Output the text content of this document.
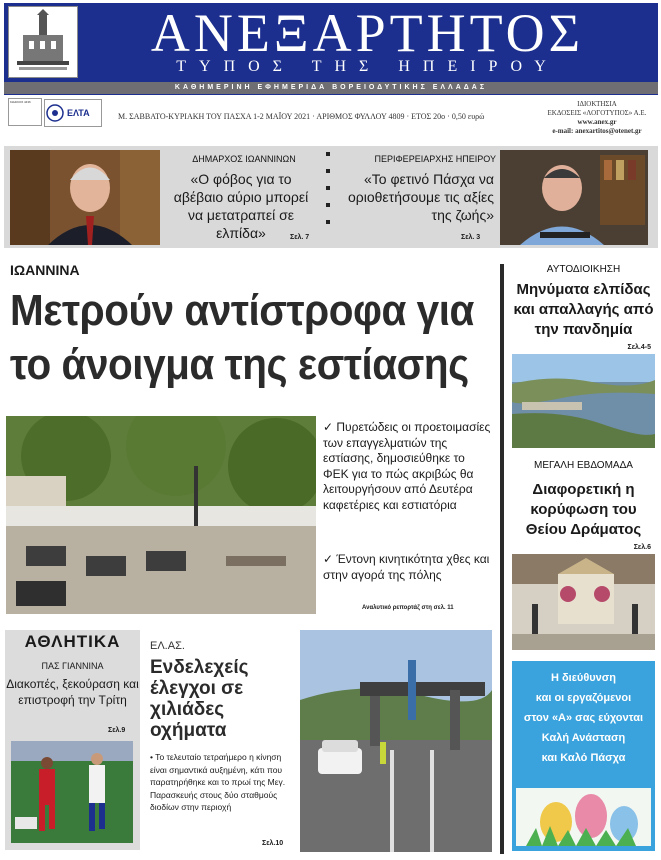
ΑΝΕΞΑΡΤΗΤΟΣ
ΤΥΠΟΣ ΤΗΣ ΗΠΕΙΡΟΥ
ΚΑΘΗΜΕΡΙΝΗ ΕΦΗΜΕΡΙΔΑ ΒΟΡΕΙΟΔΥΤΙΚΗΣ ΕΛΛΑΔΑΣ
ΚΩΔΙΚΟΣ 4436
ΕΛΤΑ	Μ. ΣΑΒΒΑΤΟ-ΚΥΡΙΑΚΗ ΤΟΥ ΠΑΣΧΑ 1-2 ΜΑΪΟΥ 2021 · ΑΡΙΘΜΟΣ ΦΥΛΛΟΥ 4809 · ΕΤΟΣ 20ο · 0,50 ευρώ
ΙΔΙΟΚΤΗΣΙΑ
ΕΚΔΟΣΕΙΣ «ΛΟΓΟΤΥΠΟΣ» Α.Ε.
www.anex.gr
e-mail: anexartitos@otenet.gr
ΔΗΜΑΡΧΟΣ ΙΩΑΝΝΙΝΩΝ
«Ο φόβος για το αβέβαιο αύριο μπορεί να μετατραπεί σε ελπίδα»	Σελ. 7
ΠΕΡΙΦΕΡΕΙΑΡΧΗΣ ΗΠΕΙΡΟΥ
«Το φετινό Πάσχα να οριοθετήσουμε τις αξίες της ζωής»
Σελ. 3
ΙΩΑΝΝΙΝΑ
Μετρούν αντίστροφα για
το άνοιγμα της εστίασης
✓ Πυρετώδεις οι προετοιμασίες των επαγγελματιών της εστίασης, δημοσιεύθηκε το ΦΕΚ για το πώς ακριβώς θα λειτουργήσουν από Δευτέρα καφετέριες και εστιατόρια
✓ Έντονη κινητικότητα χθες και στην αγορά της πόλης
Αναλυτικό ρεπορτάζ στη σελ. 11
ΑΥΤΟΔΙΟΙΚΗΣΗ
Μηνύματα ελπίδας και απαλλαγής από την πανδημία
Σελ.4-5
ΜΕΓΑΛΗ ΕΒΔΟΜΑΔΑ
Διαφορετική η κορύφωση του Θείου Δράματος
Σελ.6
Η διεύθυνση
και οι εργαζόμενοι
στον «Α» σας εύχονται
Καλή Ανάσταση
και Καλό Πάσχα
ΑΘΛΗΤΙΚΑ
ΠΑΣ ΓΙΑΝΝΙΝΑ
Διακοπές, ξεκούραση και επιστροφή την Τρίτη
Σελ.9
ΕΛ.ΑΣ.
Ενδελεχείς έλεγχοι σε χιλιάδες οχήματα
• Το τελευταίο τετραήμερο η κίνηση είναι σημαντικά αυξημένη, κάτι που παρατηρήθηκε και το πρωί της Μεγ. Παρασκευής στους δύο σταθμούς διοδίων στην περιοχή
Σελ.10
